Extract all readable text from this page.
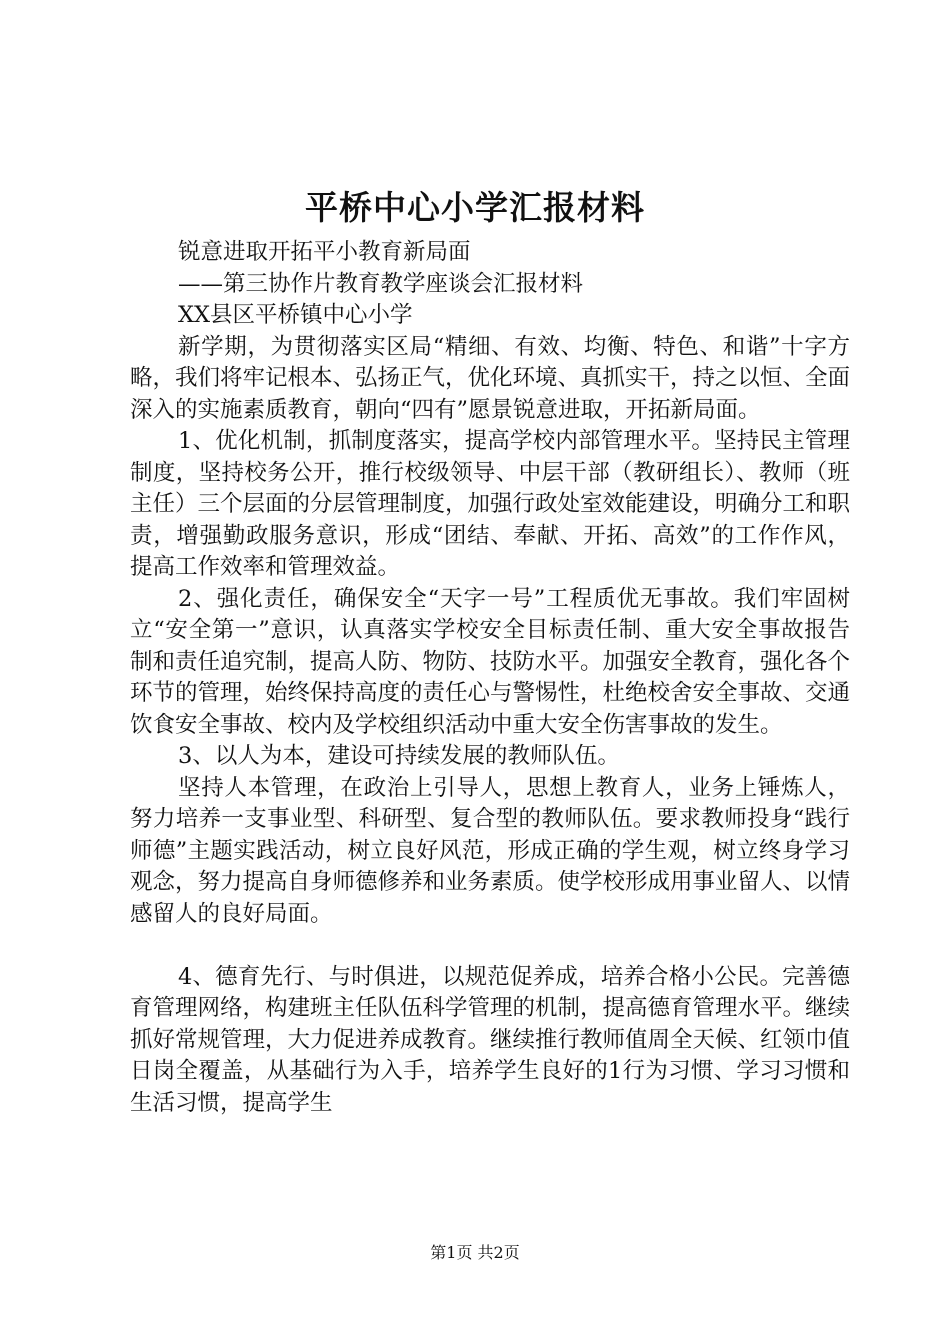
平桥中心小学汇报材料

锐意进取开拓平小教育新局面

——第三协作片教育教学座谈会汇报材料

XX县区平桥镇中心小学

新学期，为贯彻落实区局“精细、有效、均衡、特色、和谐”十字方略，我们将牢记根本、弘扬正气，优化环境、真抓实干，持之以恒、全面深入的实施素质教育，朝向“四有”愿景锐意进取，开拓新局面。

1、优化机制，抓制度落实，提高学校内部管理水平。坚持民主管理制度，坚持校务公开，推行校级领导、中层干部（教研组长）、教师（班主任）三个层面的分层管理制度，加强行政处室效能建设，明确分工和职责，增强勤政服务意识，形成“团结、奉献、开拓、高效”的工作作风，提高工作效率和管理效益。

2、强化责任，确保安全“天字一号”工程质优无事故。我们牢固树立“安全第一”意识，认真落实学校安全目标责任制、重大安全事故报告制和责任追究制，提高人防、物防、技防水平。加强安全教育，强化各个环节的管理，始终保持高度的责任心与警惕性，杜绝校舍安全事故、交通饮食安全事故、校内及学校组织活动中重大安全伤害事故的发生。

3、以人为本，建设可持续发展的教师队伍。

坚持人本管理，在政治上引导人，思想上教育人，业务上锤炼人，努力培养一支事业型、科研型、复合型的教师队伍。要求教师投身“践行师德”主题实践活动，树立良好风范，形成正确的学生观，树立终身学习观念，努力提高自身师德修养和业务素质。使学校形成用事业留人、以情感留人的良好局面。

4、德育先行、与时俱进，以规范促养成，培养合格小公民。完善德育管理网络，构建班主任队伍科学管理的机制，提高德育管理水平。继续抓好常规管理，大力促进养成教育。继续推行教师值周全天候、红领巾值日岗全覆盖，从基础行为入手，培养学生良好的1行为习惯、学习习惯和生活习惯，提高学生

第1页 共2页
